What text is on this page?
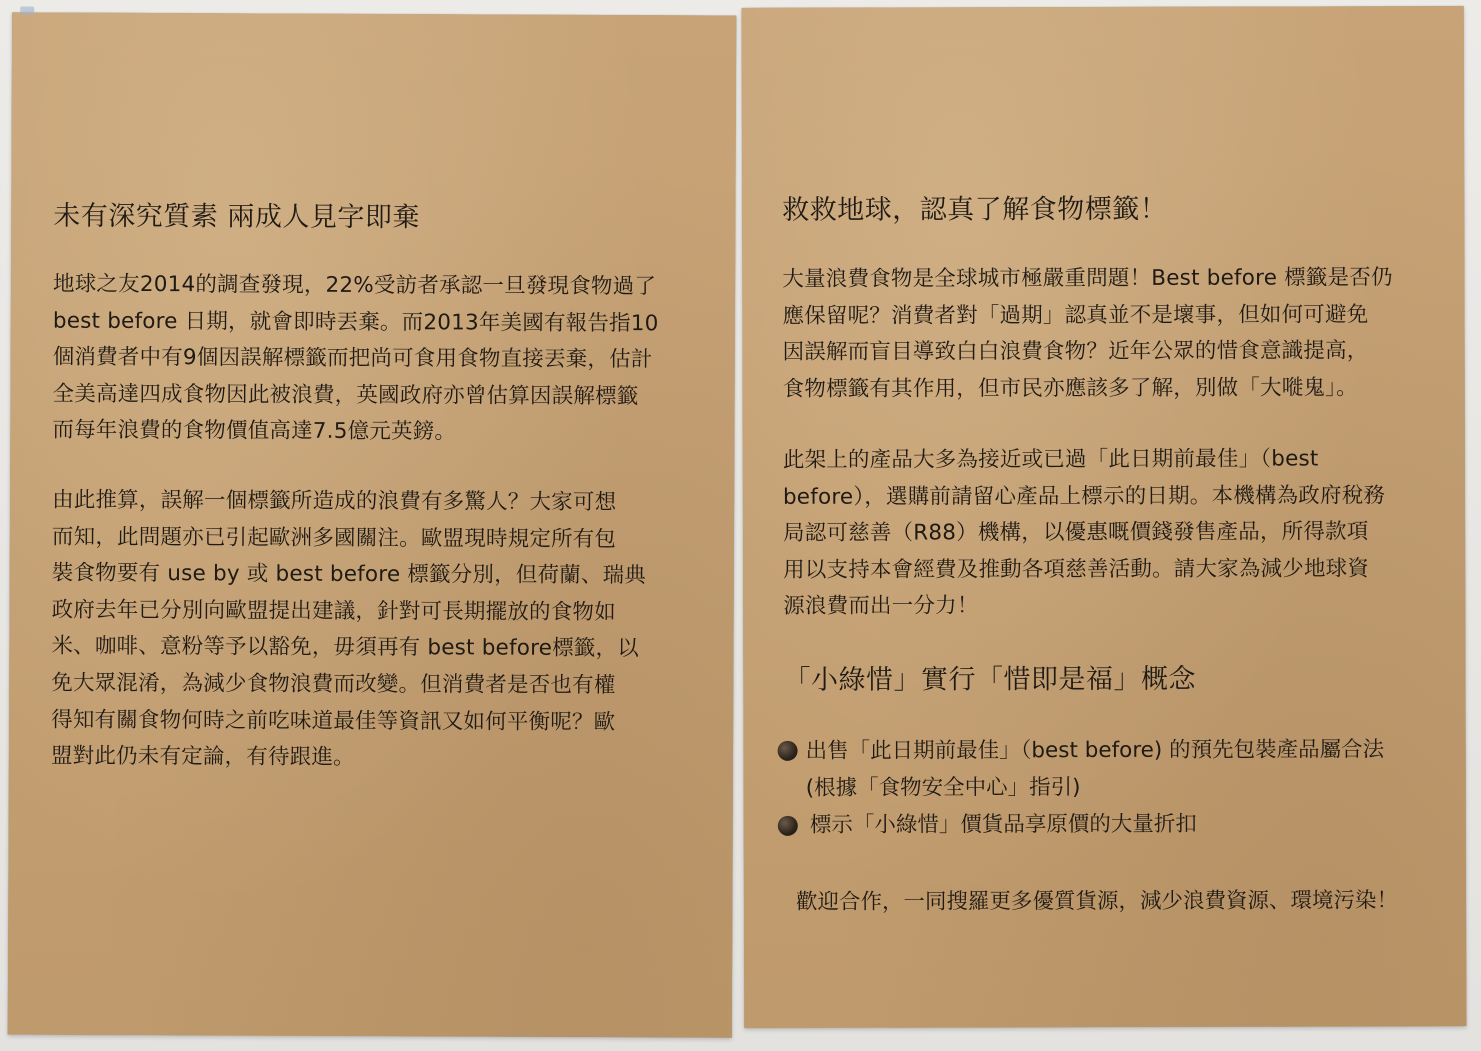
未有深究質素 兩成人見字即棄

地球之友2014的調查發現，22%受訪者承認一旦發現食物過了
best before 日期，就會即時丟棄。而2013年美國有報告指10
個消費者中有9個因誤解標籤而把尚可食用食物直接丟棄，估計
全美高達四成食物因此被浪費，英國政府亦曾估算因誤解標籤
而每年浪費的食物價值高達7.5億元英鎊。

由此推算，誤解一個標籤所造成的浪費有多驚人？大家可想
而知，此問題亦已引起歐洲多國關注。歐盟現時規定所有包
裝食物要有 use by 或 best before 標籤分別，但荷蘭、瑞典
政府去年已分別向歐盟提出建議，針對可長期擺放的食物如
米、咖啡、意粉等予以豁免，毋須再有 best before標籤，以
免大眾混淆，為減少食物浪費而改變。但消費者是否也有權
得知有關食物何時之前吃味道最佳等資訊又如何平衡呢？歐
盟對此仍未有定論，有待跟進。

救救地球，認真了解食物標籤！

大量浪費食物是全球城市極嚴重問題！Best before 標籤是否仍
應保留呢？消費者對「過期」認真並不是壞事，但如何可避免
因誤解而盲目導致白白浪費食物？近年公眾的惜食意識提高，
食物標籤有其作用，但市民亦應該多了解，別做「大嘥鬼」。

此架上的產品大多為接近或已過「此日期前最佳」（best
before），選購前請留心產品上標示的日期。本機構為政府稅務
局認可慈善（R88）機構，以優惠嘅價錢發售產品，所得款項
用以支持本會經費及推動各項慈善活動。請大家為減少地球資
源浪費而出一分力！

「小綠惜」實行「惜即是福」概念
出售「此日期前最佳」（best before) 的預先包裝產品屬合法
(根據「食物安全中心」指引)
標示「小綠惜」價貨品享原價的大量折扣
歡迎合作，一同搜羅更多優質貨源，減少浪費資源、環境污染！
